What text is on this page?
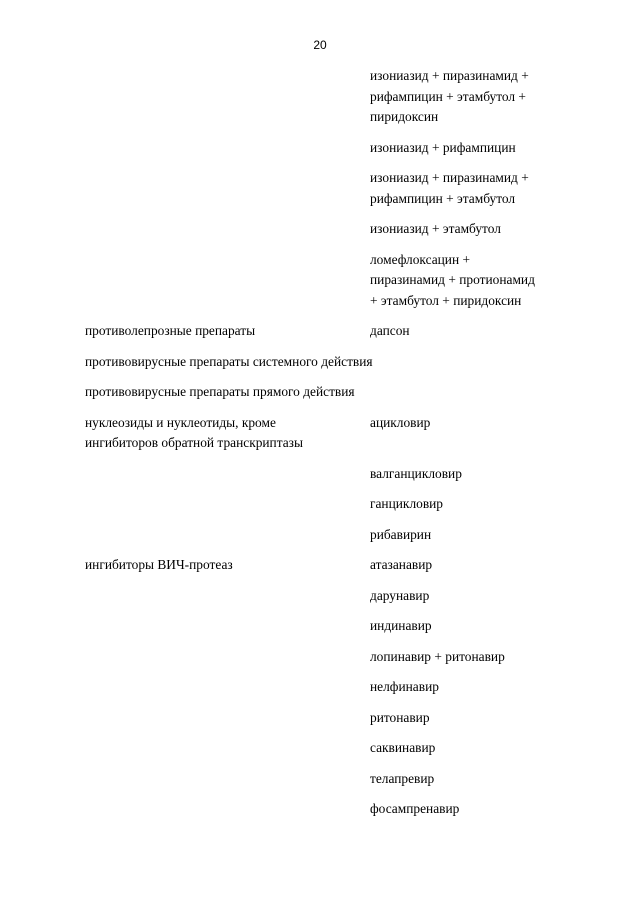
20
изониазид + пиразинамид +
рифампицин + этамбутол +
пиридоксин
изониазид + рифампицин
изониазид + пиразинамид +
рифампицин + этамбутол
изониазид + этамбутол
ломефлоксацин +
пиразинамид + протионамид
+ этамбутол + пиридоксин
противолепрозные препараты	дапсон
противовирусные препараты системного действия
противовирусные препараты прямого действия
нуклеозиды и нуклеотиды, кроме
ингибиторов обратной транскриптазы
ацикловир
валганцикловир
ганцикловир
рибавирин
ингибиторы ВИЧ-протеаз	атазанавир
дарунавир
индинавир
лопинавир + ритонавир
нелфинавир
ритонавир
саквинавир
телапревир
фосампренавир
